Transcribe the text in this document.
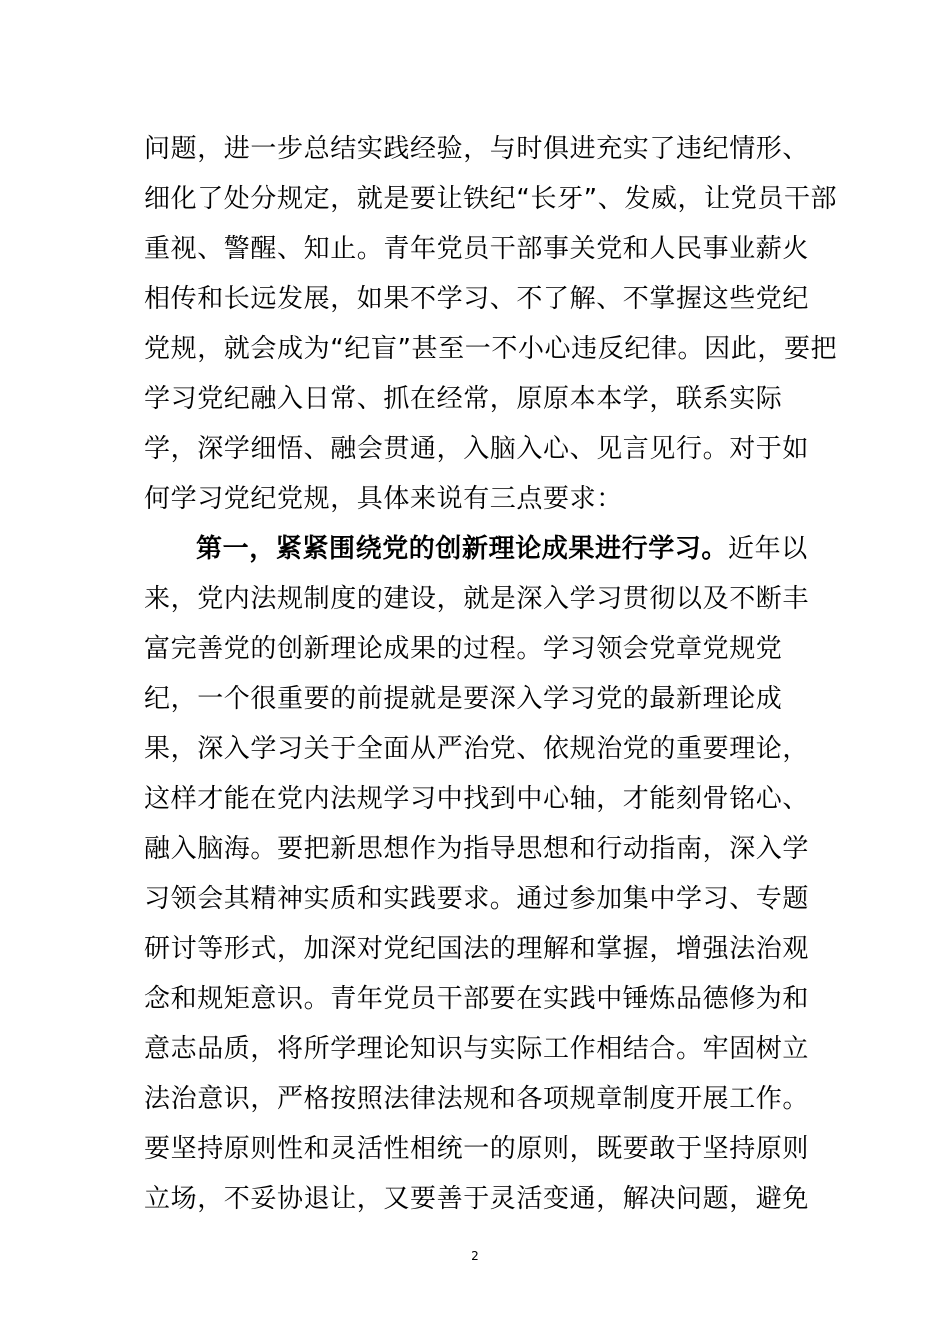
问题，进一步总结实践经验，与时俱进充实了违纪情形、
细化了处分规定，就是要让铁纪“长牙”、发威，让党员干部
重视、警醒、知止。青年党员干部事关党和人民事业薪火
相传和长远发展，如果不学习、不了解、不掌握这些党纪
党规，就会成为“纪盲”甚至一不小心违反纪律。因此，要把
学习党纪融入日常、抓在经常，原原本本学，联系实际
学，深学细悟、融会贯通，入脑入心、见言见行。对于如
何学习党纪党规，具体来说有三点要求：
第一，紧紧围绕党的创新理论成果进行学习。近年以
来，党内法规制度的建设，就是深入学习贯彻以及不断丰
富完善党的创新理论成果的过程。学习领会党章党规党
纪，一个很重要的前提就是要深入学习党的最新理论成
果，深入学习关于全面从严治党、依规治党的重要理论，
这样才能在党内法规学习中找到中心轴，才能刻骨铭心、
融入脑海。要把新思想作为指导思想和行动指南，深入学
习领会其精神实质和实践要求。通过参加集中学习、专题
研讨等形式，加深对党纪国法的理解和掌握，增强法治观
念和规矩意识。青年党员干部要在实践中锤炼品德修为和
意志品质，将所学理论知识与实际工作相结合。牢固树立
法治意识，严格按照法律法规和各项规章制度开展工作。
要坚持原则性和灵活性相统一的原则，既要敢于坚持原则
立场，不妥协退让，又要善于灵活变通，解决问题，避免
2
